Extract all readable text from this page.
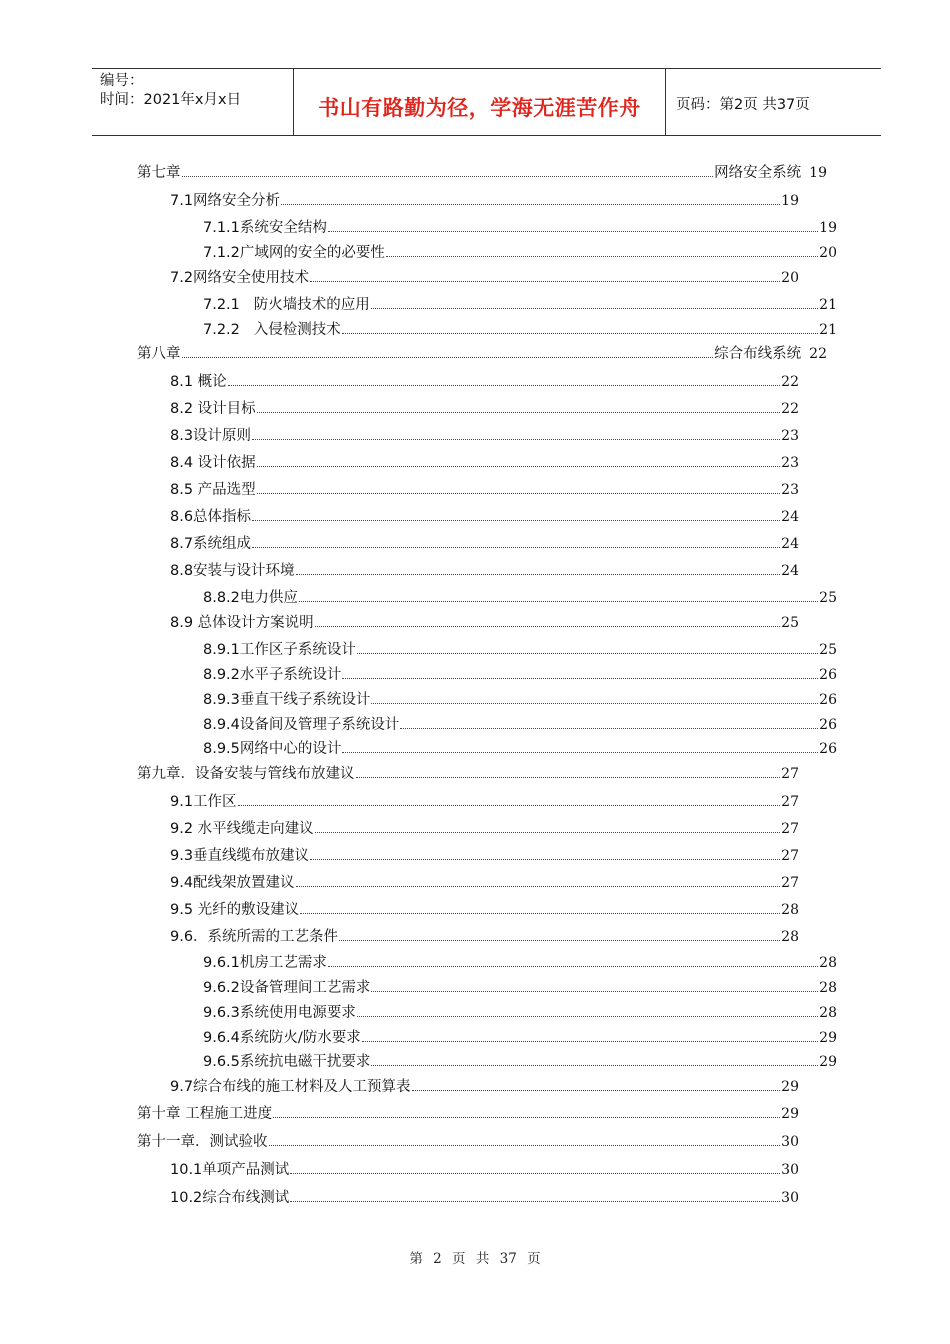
编号：
时间：2021年x月x日	书山有路勤为径，学海无涯苦作舟	页码：第2页 共37页
第七章	网络安全系统 19
7.1网络安全分析	19
7.1.1系统安全结构	19
7.1.2广域网的安全的必要性	20
7.2网络安全使用技术	20
7.2.1   防火墙技术的应用	21
7.2.2   入侵检测技术	21
第八章	综合布线系统 22
8.1 概论	22
8.2 设计目标	22
8.3设计原则	23
8.4 设计依据	23
8.5 产品选型	23
8.6总体指标	24
8.7系统组成	24
8.8安装与设计环境	24
8.8.2电力供应	25
8.9 总体设计方案说明	25
8.9.1工作区子系统设计	25
8.9.2水平子系统设计	26
8.9.3垂直干线子系统设计	26
8.9.4设备间及管理子系统设计	26
8.9.5网络中心的设计	26
第九章．设备安装与管线布放建议	27
9.1工作区	27
9.2 水平线缆走向建议	27
9.3垂直线缆布放建议	27
9.4配线架放置建议	27
9.5 光纤的敷设建议	28
9.6．系统所需的工艺条件	28
9.6.1机房工艺需求	28
9.6.2设备管理间工艺需求	28
9.6.3系统使用电源要求	28
9.6.4系统防火/防水要求	29
9.6.5系统抗电磁干扰要求	29
9.7综合布线的施工材料及人工预算表	29
第十章 工程施工进度	29
第十一章．测试验收	30
10.1单项产品测试	30
10.2综合布线测试	30
第 2 页 共 37 页
